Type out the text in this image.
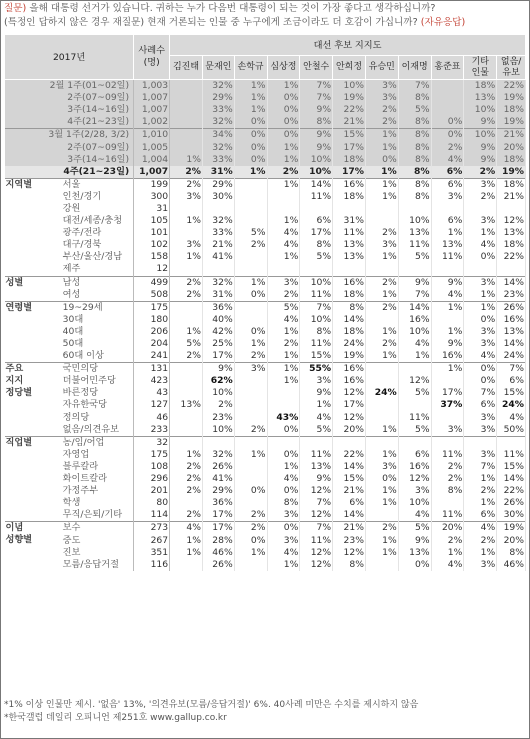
질문) 올해 대통령 선거가 있습니다. 귀하는 누가 다음번 대통령이 되는 것이 가장 좋다고 생각하십니까?
(특정인 답하지 않은 경우 재질문) 현재 거론되는 인물 중 누구에게 조금이라도 더 호감이 가십니까? (자유응답)
2017년		사례수
(명)	대선 후보 지지도										
			김진태	문재인	손학규	심상정	안철수	안희정	유승민	이재명	홍준표	기타
인물	없음/
유보
2월 1주(01~02일)		1,003		32%	1%	1%	7%	10%	3%	7%		18%	22%
2주(07~09일)		1,007		29%	1%	0%	7%	19%	3%	8%		13%	19%
3주(14~16일)		1,007		33%	1%	0%	9%	22%	2%	5%		10%	18%
4주(21~23일)		1,002		32%	0%	0%	8%	21%	2%	8%	0%	9%	19%
3월 1주(2/28, 3/2)		1,010		34%	0%	0%	9%	15%	1%	8%	0%	10%	21%
2주(07~09일)		1,005		32%	0%	1%	9%	17%	1%	8%	2%	9%	20%
3주(14~16일)		1,004	1%	33%	0%	1%	10%	18%	0%	8%	4%	9%	18%
4주(21~23일)		1,007	2%	31%	1%	2%	10%	17%	1%	8%	6%	2%	19%
지역별	서울	199	2%	29%		1%	14%	16%	1%	8%	6%	3%	18%
	인천/경기	300	3%	30%			11%	18%	1%	8%	3%	2%	21%
	강원	31											
	대전/세종/충청	105	1%	32%		1%	6%	31%		10%	6%	3%	12%
	광주/전라	101		33%	5%	4%	17%	11%	2%	13%	1%	1%	13%
	대구/경북	102	3%	21%	2%	4%	8%	13%	3%	11%	13%	4%	18%
	부산/울산/경남	158	1%	41%		1%	5%	13%	1%	5%	11%	0%	22%
	제주	12											
성별	남성	499	2%	32%	1%	3%	10%	16%	2%	9%	9%	3%	14%
	여성	508	2%	31%	0%	2%	11%	18%	1%	7%	4%	1%	23%
연령별	19~29세	175		36%		5%	7%	8%	2%	14%	1%	1%	26%
	30대	180		40%		4%	10%	14%		16%		0%	16%
	40대	206	1%	42%	0%	1%	8%	18%	1%	10%	1%	3%	13%
	50대	204	5%	25%	1%	2%	11%	24%	2%	4%	9%	3%	14%
	60대 이상	241	2%	17%	2%	1%	15%	19%	1%	1%	16%	4%	24%
주요
지지
정당별	국민의당	131		9%	3%	1%	55%	16%			1%	0%	7%
	더불어민주당	423		62%		1%	3%	16%		12%		0%	6%
	바른정당	43		10%			9%	12%	24%	5%	17%	7%	15%
	자유한국당	127	13%	2%			1%	17%			37%	6%	24%
	정의당	46		23%		43%	4%	12%		11%		3%	4%
	없음/의견유보	233		10%	2%	0%	5%	20%	1%	5%	3%	3%	50%
직업별	농/임/어업	32											
	자영업	175	1%	32%	1%	0%	11%	22%	1%	6%	11%	3%	11%
	블루칼라	108	2%	26%		1%	13%	14%	3%	16%	2%	7%	15%
	화이트칼라	296	2%	41%		4%	9%	15%	0%	12%	2%	1%	14%
	가정주부	201	2%	29%	0%	0%	12%	21%	1%	3%	8%	2%	22%
	학생	80		36%		8%	7%	6%	1%	10%		1%	26%
	무직/은퇴/기타	114	2%	17%	2%	3%	12%	14%		4%	11%	6%	30%
이념
성향별	보수	273	4%	17%	2%	0%	7%	21%	2%	5%	20%	4%	19%
	중도	267	1%	28%	0%	3%	11%	23%	1%	9%	2%	2%	20%
	진보	351	1%	46%	1%	4%	12%	12%	1%	13%	1%	1%	8%
	모름/응답거절	116		26%		1%	12%	8%		0%	4%	3%	46%
*1% 이상 인물만 제시. '없음' 13%, '의견유보(모름/응답거절)' 6%. 40사례 미만은 수치를 제시하지 않음
*한국갤럽 데일리 오피니언 제251호 www.gallup.co.kr
